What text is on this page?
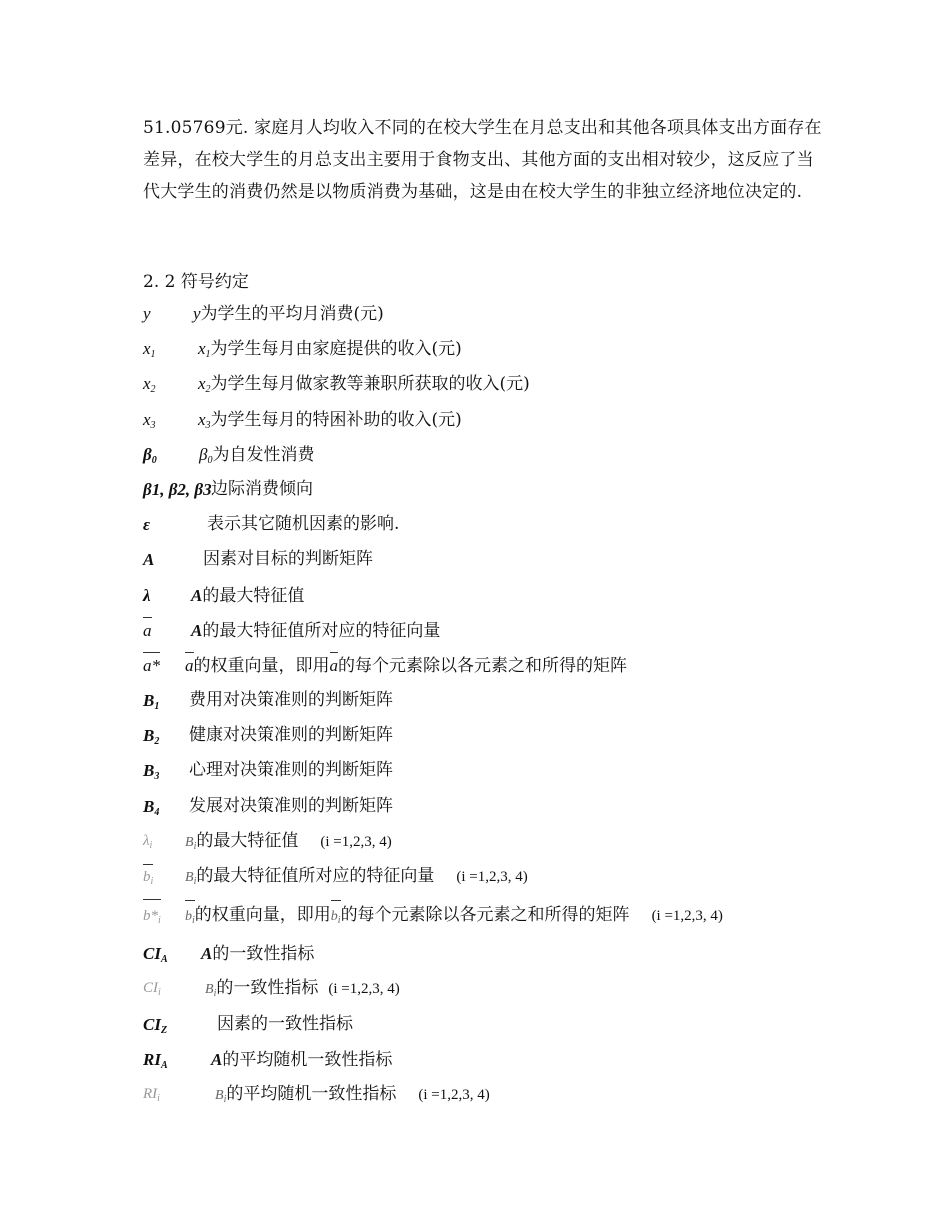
51.05769元. 家庭月人均收入不同的在校大学生在月总支出和其他各项具体支出方面存在差异，在校大学生的月总支出主要用于食物支出、其他方面的支出相对较少，这反应了当代大学生的消费仍然是以物质消费为基础，这是由在校大学生的非独立经济地位决定的.

2. 2 符号约定
y y为学生的平均月消费(元)
$x_1$ $x_1$为学生每月由家庭提供的收入(元)
$x_2$ $x_2$为学生每月做家教等兼职所获取的收入(元)
$x_3$ $x_3$为学生每月的特困补助的收入(元)
$\beta_0$ $\beta_0$为自发性消费
β1, β2, β3 边际消费倾向
ε	表示其它随机因素的影响.
A	因素对目标的判断矩阵
λ A的最大特征值
a A的最大特征值所对应的特征向量
a* a的权重向量，即用a的每个元素除以各元素之和所得的矩阵
$B_1$ 费用对决策准则的判断矩阵
$B_2$ 健康对决策准则的判断矩阵
$B_3$ 心理对决策准则的判断矩阵
$B_4$ 发展对决策准则的判断矩阵
$\lambda_i$ $B_i$的最大特征值 (i =1,2,3, 4)
$b_i$ $B_i$的最大特征值所对应的特征向量 (i =1,2,3, 4)
$b*_i$ $b_i$的权重向量，即用$b_i$的每个元素除以各元素之和所得的矩阵 (i =1,2,3, 4)
$CI_A$ A的一致性指标
$CI_i$	$B_i$的一致性指标 (i =1,2,3, 4)
$CI_Z$	因素的一致性指标
$RI_A$	A的平均随机一致性指标
$RI_i$	$B_i$的平均随机一致性指标 (i =1,2,3, 4)
